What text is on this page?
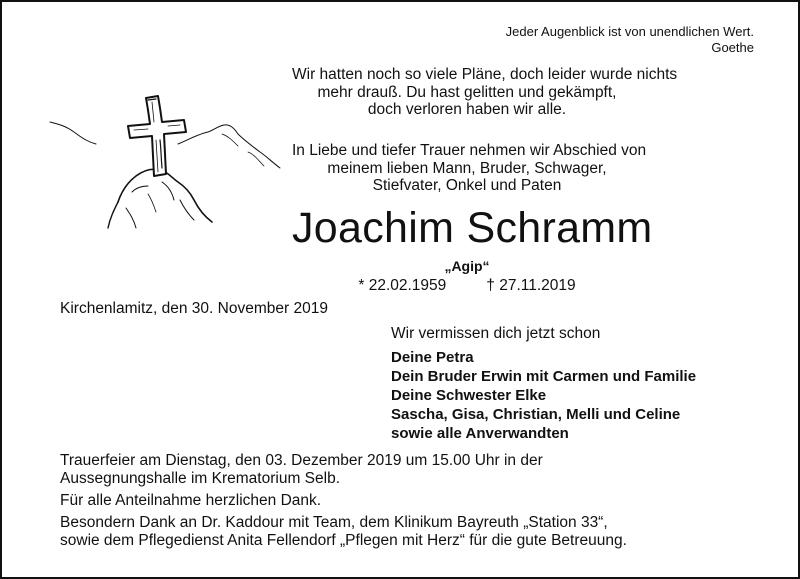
Jeder Augenblick ist von unendlichen Wert.
Goethe
Wir hatten noch so viele Pläne, doch leider wurde nichts
mehr drauß. Du hast gelitten und gekämpft,
doch verloren haben wir alle.
In Liebe und tiefer Trauer nehmen wir Abschied von
meinem lieben Mann, Bruder, Schwager,
Stiefvater, Onkel und Paten
Joachim Schramm
„Agip“
* 22.02.1959	† 27.11.2019
Kirchenlamitz, den 30. November 2019
Wir vermissen dich jetzt schon
Deine Petra
Dein Bruder Erwin mit Carmen und Familie
Deine Schwester Elke
Sascha, Gisa, Christian, Melli und Celine
sowie alle Anverwandten
Trauerfeier am Dienstag, den 03. Dezember 2019 um 15.00 Uhr in der
Aussegnungshalle im Krematorium Selb.
Für alle Anteilnahme herzlichen Dank.
Besondern Dank an Dr. Kaddour mit Team, dem Klinikum Bayreuth „Station 33“,
sowie dem Pflegedienst Anita Fellendorf „Pflegen mit Herz“ für die gute Betreuung.
